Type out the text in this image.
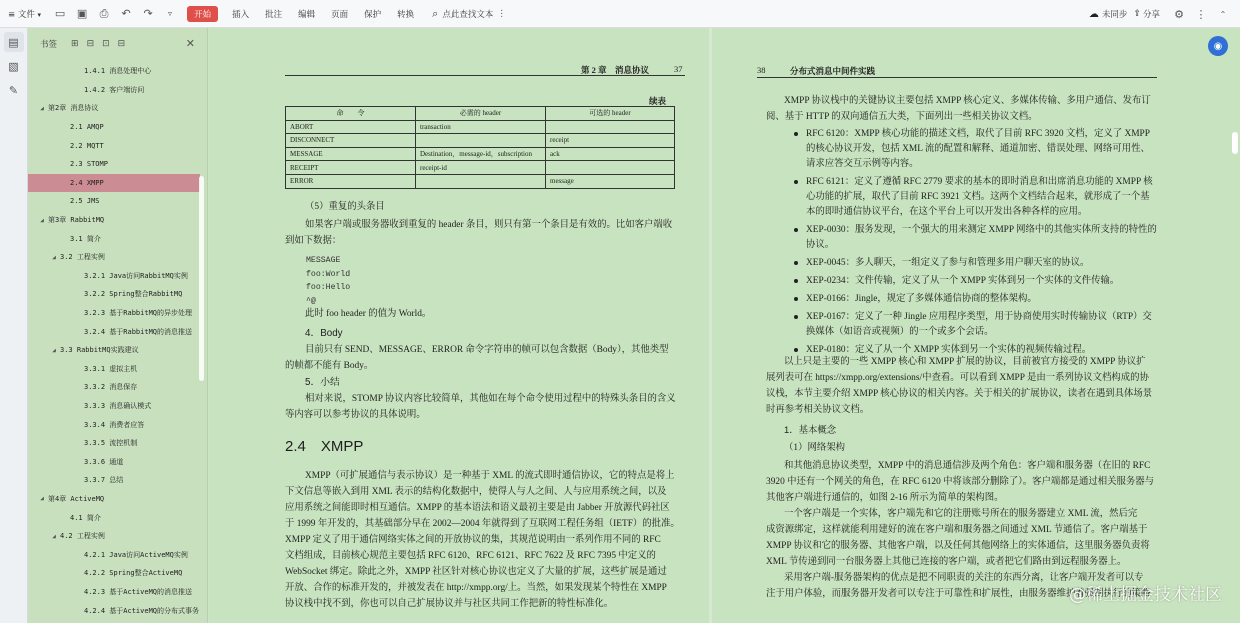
≡ 文件 ▾	▭ ▣	⎙	↶	↷	▿	开始	插入	批注	编辑	页面	保护	转换	⌕ 点此查找文本 ⋮	☁ 未同步 ⇪ 分享	⚙ ⋮	⌃
▤
▧
✎
书签 ⊞ ⊟ ⊡ ⊟	✕
1.4.1 消息处理中心
1.4.2 客户端访问
◢ 第2章 消息协议
2.1 AMQP
2.2 MQTT
2.3 STOMP
2.4 XMPP
2.5 JMS
◢ 第3章 RabbitMQ
3.1 简介
◢ 3.2 工程实例
3.2.1 Java访问RabbitMQ实例
3.2.2 Spring整合RabbitMQ
3.2.3 基于RabbitMQ的异步处理
3.2.4 基于RabbitMQ的消息推送
◢ 3.3 RabbitMQ实践建议
3.3.1 虚拟主机
3.3.2 消息保存
3.3.3 消息确认模式
3.3.4 消费者应答
3.3.5 流控机制
3.3.6 通道
3.3.7 总结
◢ 第4章 ActiveMQ
4.1 简介
◢ 4.2 工程实例
4.2.1 Java访问ActiveMQ实例
4.2.2 Spring整合ActiveMQ
4.2.3 基于ActiveMQ的消息推送
4.2.4 基于ActiveMQ的分布式事务
第 2 章　消息协议	37
续表
命　　令	必需的 header	可选的 header
ABORT	transaction	
DISCONNECT		receipt
MESSAGE	Destination，message-id，subscription	ack
RECEIPT	receipt-id	
ERROR		message
（5）重复的头条目
如果客户端或服务器收到重复的 header 条目，则只有第一个条目是有效的。比如客户端收
到如下数据：
MESSAGE
foo:World
foo:Hello
^@
此时 foo header 的值为 World。
4．Body
目前只有 SEND、MESSAGE、ERROR 命令字符串的帧可以包含数据（Body），其他类型
的帧都不能有 Body。
5．小结
相对来说，STOMP 协议内容比较简单，其他如在每个命令使用过程中的特殊头条目的含义
等内容可以参考协议的具体说明。
2.4　XMPP
XMPP（可扩展通信与表示协议）是一种基于 XML 的流式即时通信协议，它的特点是将上
下文信息等嵌入到用 XML 表示的结构化数据中，使得人与人之间、人与应用系统之间，以及
应用系统之间能即时相互通信。XMPP 的基本语法和语义最初主要是由 Jabber 开放源代码社区
于 1999 年开发的，其基础部分早在 2002—2004 年就得到了互联网工程任务组（IETF）的批准。
XMPP 定义了用于通信网络实体之间的开放协议的集，其规范说明由一系列作用不同的 RFC
文档组成，目前核心规范主要包括 RFC 6120、RFC 6121、RFC 7622 及 RFC 7395 中定义的
WebSocket 绑定。除此之外，XMPP 社区针对核心协议也定义了大量的扩展，这些扩展是通过
开放、合作的标准开发的，并被发表在 http://xmpp.org/上。当然，如果发现某个特性在 XMPP
协议栈中找不到，你也可以自己扩展协议并与社区共同工作把新的特性标准化。
38	分布式消息中间件实践
XMPP 协议栈中的关键协议主要包括 XMPP 核心定义、多媒体传输、多用户通信、发布订
阅、基于 HTTP 的双向通信五大类，下面列出一些相关协议文档。
RFC 6120：XMPP 核心功能的描述文档，取代了目前 RFC 3920 文档，定义了 XMPP
的核心协议开发，包括 XML 流的配置和解释、通道加密、错误处理、网络可用性、
请求应答交互示例等内容。
RFC 6121：定义了遵循 RFC 2779 要求的基本的即时消息和出席消息功能的 XMPP 核
心功能的扩展，取代了目前 RFC 3921 文档。这两个文档结合起来，就形成了一个基
本的即时通信协议平台，在这个平台上可以开发出各种各样的应用。
XEP-0030：服务发现，一个强大的用来测定 XMPP 网络中的其他实体所支持的特性的
协议。
XEP-0045：多人聊天，一组定义了参与和管理多用户聊天室的协议。
XEP-0234：文件传输，定义了从一个 XMPP 实体到另一个实体的文件传输。
XEP-0166：Jingle，规定了多媒体通信协商的整体架构。
XEP-0167：定义了一种 Jingle 应用程序类型，用于协商使用实时传输协议（RTP）交
换媒体（如语音或视频）的一个或多个会话。
XEP-0180：定义了从一个 XMPP 实体到另一个实体的视频传输过程。
以上只是主要的一些 XMPP 核心和 XMPP 扩展的协议，目前被官方接受的 XMPP 协议扩
展列表可在 https://xmpp.org/extensions/中查看。可以看到 XMPP 是由一系列协议文档构成的协
议栈，本节主要介绍 XMPP 核心协议的相关内容。关于相关的扩展协议，读者在遇到具体场景
时再参考相关协议文档。
1．基本概念
（1）网络架构
和其他消息协议类型，XMPP 中的消息通信涉及两个角色：客户端和服务器（在旧的 RFC
3920 中还有一个网关的角色，在 RFC 6120 中将该部分删除了）。客户端都是通过相关服务器与
其他客户端进行通信的，如图 2-16 所示为简单的架构图。
一个客户端是一个实体，客户端先和它的注册账号所在的服务器建立 XML 流，然后完
成资源绑定，这样就能利用建好的流在客户端和服务器之间通过 XML 节通信了。客户端基于
XMPP 协议和它的服务器、其他客户端，以及任何其他网络上的实体通信，这里服务器负责将
XML 节传递到同一台服务器上其他已连接的客户端，或者把它们路由到远程服务器上。
采用客户端-服务器架构的优点是把不同职责的关注的东西分离，让客户端开发者可以专
注于用户体验，而服务器开发者可以专注于可靠性和扩展性，由服务器维护着强制执行的策略
◉
@稀土掘金技术社区
